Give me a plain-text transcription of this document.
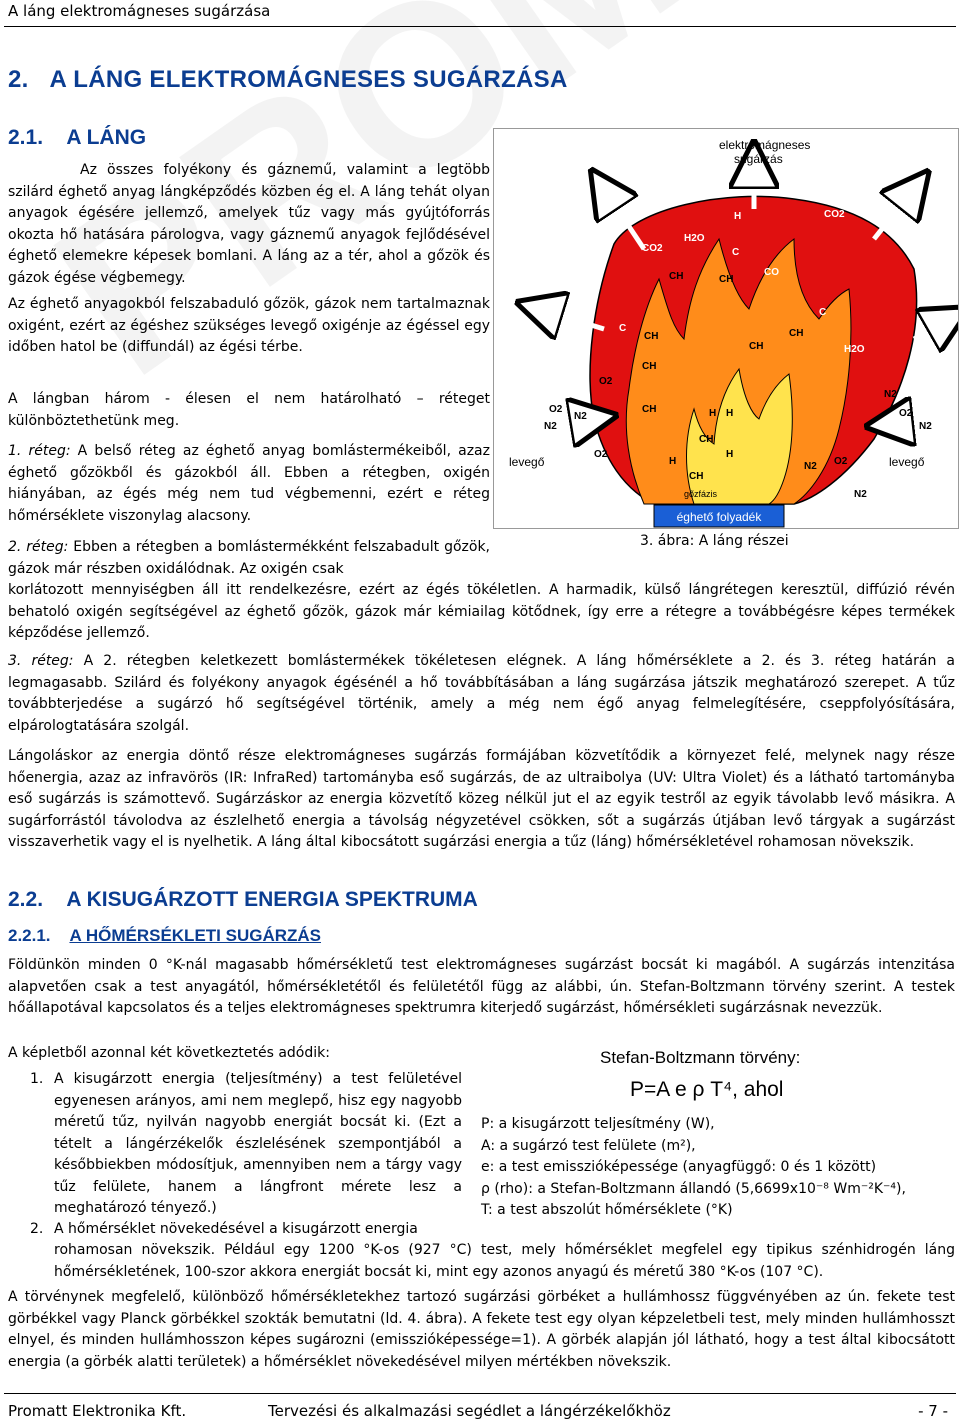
A láng elektromágneses sugárzása
2. A LÁNG ELEKTROMÁGNESES SUGÁRZÁSA
2.1. A LÁNG

Az összes folyékony és gáznemű, valamint a legtöbb szilárd éghető anyag lángképződés közben ég el. A láng tehát olyan anyagok égésére jellemző, amelyek tűz vagy más gyújtóforrás okozta hő hatására párologva, vagy gáznemű anyagok fejlődésével éghető elemekre képesek bomlani. A láng az a tér, ahol a gőzök és gázok égése végbemegy.

Az éghető anyagokból felszabaduló gőzök, gázok nem tartalmaznak oxigént, ezért az égéshez szükséges levegő oxigénje az égéssel egy időben hatol be (diffundál) az égési térbe.

A lángban három - élesen el nem határolható – réteget különböztethetünk meg.

1. réteg: A belső réteg az éghető anyag bomlástermékeiből, azaz éghető gőzökből és gázokból áll. Ebben a rétegben, oxigén hiányában, az égés még nem tud végbemenni, ezért e réteg hőmérséklete viszonylag alacsony.

2. réteg: Ebben a rétegben a bomlástermékként felszabadult gőzök, gázok már részben oxidálódnak. Az oxigén csak

korlátozott mennyiségben áll itt rendelkezésre, ezért az égés tökéletlen. A harmadik, külső lángrétegen keresztül, diffúzió révén behatoló oxigén segítségével az éghető gőzök, gázok már kémiailag kötődnek, így erre a rétegre a továbbégésre képes termékek képződése jellemző.

3. réteg: A 2. rétegben keletkezett bomlástermékek tökéletesen elégnek. A láng hőmérséklete a 2. és 3. réteg határán a legmagasabb. Szilárd és folyékony anyagok égésénél a hő továbbításában a láng sugárzása játszik meghatározó szerepet. A tűz továbbterjedése a sugárzó hő segítségével történik, amely a még nem égő anyag felmelegítésére, cseppfolyósítására, elpárologtatására szolgál.

Lángoláskor az energia döntő része elektromágneses sugárzás formájában közvetítődik a környezet felé, melynek nagy része hőenergia, azaz az infravörös (IR: InfraRed) tartományba eső sugárzás, de az ultraibolya (UV: Ultra Violet) és a látható tartományba eső sugárzás is számottevő. Sugárzáskor az energia közvetítő közeg nélkül jut el az egyik testről az egyik távolabb levő másikra. A sugárforrástól távolodva az észlelhető energia a távolság négyzetével csökken, sőt a sugárzás útjában levő tárgyak a sugárzást visszaverhetik vagy el is nyelhetik. A láng által kibocsátott sugárzási energia a tűz (láng) hőmérsékletével rohamosan növekszik.

éghető folyadék
elektromágneses
sugárzás
levegő	levegő
gőzfázis
H	CO2
H2O
C
CO
CO2
CH	CH
C
CH
CH
CH
C
CH
H2O
CH
O2
N2
O2
N2
N2
O2
N2
H H
O2
CH
H
CH
H
O2
N2
N2
3. ábra: A láng részei
2.2. A KISUGÁRZOTT ENERGIA SPEKTRUMA
2.2.1. A HŐMÉRSÉKLETI SUGÁRZÁS

Földünkön minden 0 °K-nál magasabb hőmérsékletű test elektromágneses sugárzást bocsát ki magából. A sugárzás intenzitása alapvetően csak a test anyagától, hőmérsékletétől és felületétől függ az alábbi, ún. Stefan-Boltzmann törvény szerint. A testek hőállapotával kapcsolatos és a teljes elektromágneses spektrumra kiterjedő sugárzást, hőmérsékleti sugárzásnak nevezzük.

A képletből azonnal két következtetés adódik:

1. A kisugárzott energia (teljesítmény) a test felületével egyenesen arányos, ami nem meglepő, hisz egy nagyobb méretű tűz, nyilván nagyobb energiát bocsát ki. (Ezt a tételt a lángérzékelők észlelésének szempontjából a későbbiekben módosítjuk, amennyiben nem a tárgy vagy tűz felülete, hanem a lángfront mérete lesz a meghatározó tényező.)

2. A hőmérséklet növekedésével a kisugárzott energia

rohamosan növekszik. Például egy 1200 °K-os (927 °C) test, mely hőmérséklet megfelel egy tipikus szénhidrogén láng hőmérsékletének, 100-szor akkora energiát bocsát ki, mint egy azonos anyagú és méretű 380 °K-os (107 °C).

Stefan-Boltzmann törvény:
P=A e ρ T⁴, ahol
P: a kisugárzott teljesítmény (W),
A: a sugárzó test felülete (m²),
e: a test emisszióképessége (anyagfüggő: 0 és 1 között)
ρ (rho): a Stefan-Boltzmann állandó (5,6699x10⁻⁸ Wm⁻²K⁻⁴),
T: a test abszolút hőmérséklete (°K)

A törvénynek megfelelő, különböző hőmérsékletekhez tartozó sugárzási görbéket a hullámhossz függvényében az ún. fekete test görbékkel vagy Planck görbékkel szokták bemutatni (ld. 4. ábra). A fekete test egy olyan képzeletbeli test, mely minden hullámhosszt elnyel, és minden hullámhosszon képes sugározni (emisszióképessége=1). A görbék alapján jól látható, hogy a test által kibocsátott energia (a görbék alatti területek) a hőmérséklet növekedésével milyen mértékben növekszik.

Promatt Elektronika Kft.	Tervezési és alkalmazási segédlet a lángérzékelőkhöz	- 7 -
